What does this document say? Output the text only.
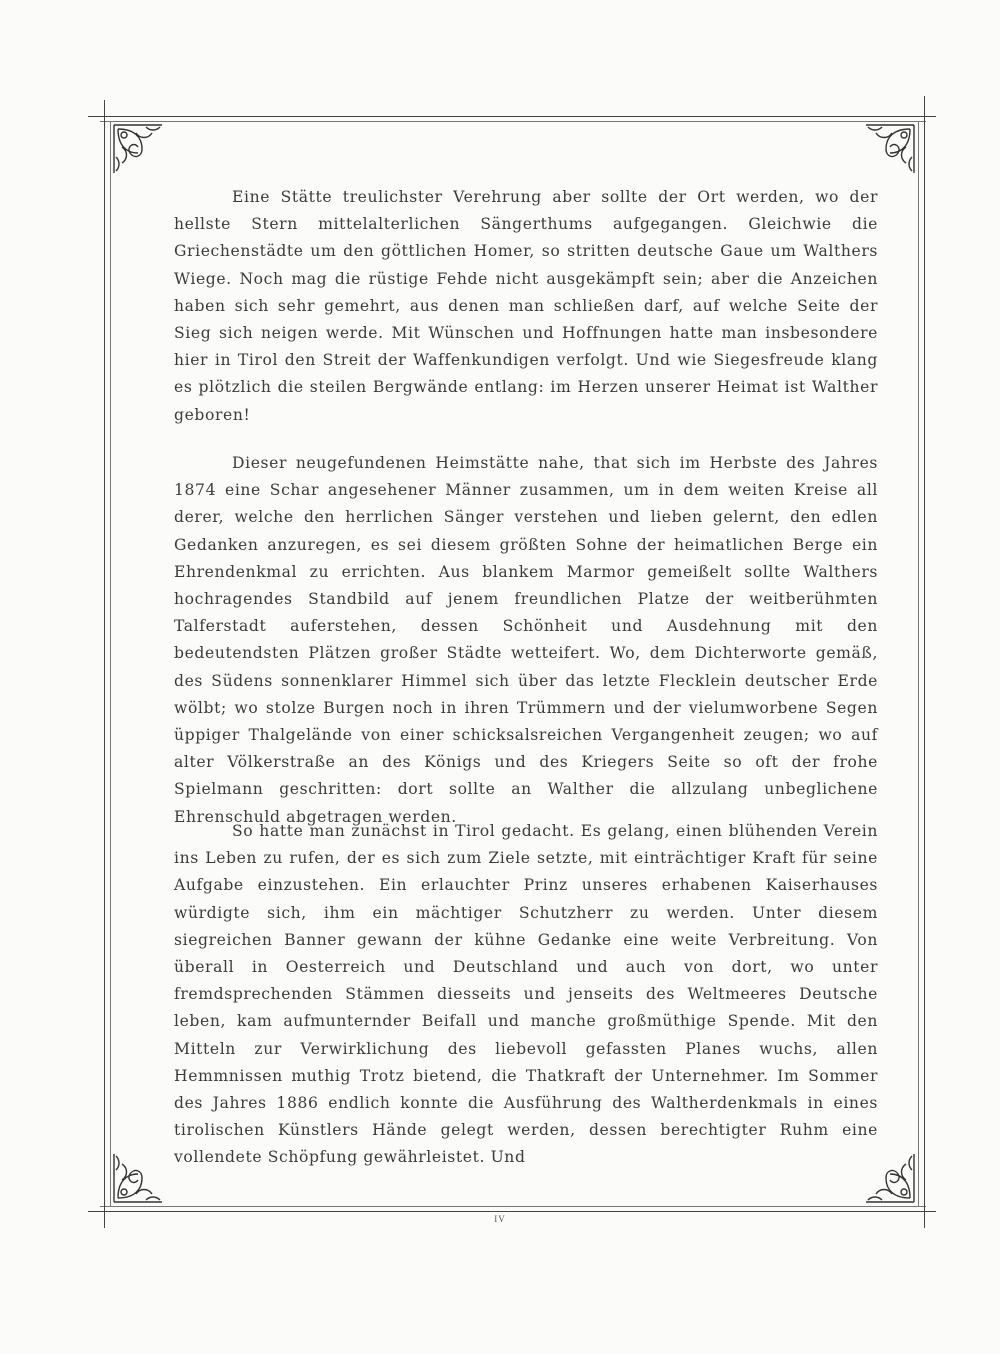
Eine Stätte treulichster Verehrung aber sollte der Ort werden, wo der hellste Stern mittelalterlichen Sängerthums aufgegangen. Gleichwie die Griechenstädte um den göttlichen Homer, so stritten deutsche Gaue um Walthers Wiege. Noch mag die rüstige Fehde nicht ausgekämpft sein; aber die Anzeichen haben sich sehr gemehrt, aus denen man schließen darf, auf welche Seite der Sieg sich neigen werde. Mit Wünschen und Hoffnungen hatte man insbesondere hier in Tirol den Streit der Waffenkundigen verfolgt. Und wie Siegesfreude klang es plötzlich die steilen Bergwände entlang: im Herzen unserer Heimat ist Walther geboren!

Dieser neugefundenen Heimstätte nahe, that sich im Herbste des Jahres 1874 eine Schar angesehener Männer zusammen, um in dem weiten Kreise all derer, welche den herrlichen Sänger verstehen und lieben gelernt, den edlen Gedanken anzuregen, es sei diesem größten Sohne der heimatlichen Berge ein Ehrendenkmal zu errichten. Aus blankem Marmor gemeißelt sollte Walthers hochragendes Standbild auf jenem freundlichen Platze der weitberühmten Talferstadt auferstehen, dessen Schönheit und Ausdehnung mit den bedeutendsten Plätzen großer Städte wetteifert. Wo, dem Dichterworte gemäß, des Südens sonnenklarer Himmel sich über das letzte Flecklein deutscher Erde wölbt; wo stolze Burgen noch in ihren Trümmern und der vielumworbene Segen üppiger Thalgelände von einer schicksalsreichen Vergangenheit zeugen; wo auf alter Völkerstraße an des Königs und des Kriegers Seite so oft der frohe Spielmann geschritten: dort sollte an Walther die allzulang unbeglichene Ehrenschuld abgetragen werden.

So hatte man zunächst in Tirol gedacht. Es gelang, einen blühenden Verein ins Leben zu rufen, der es sich zum Ziele setzte, mit einträchtiger Kraft für seine Aufgabe einzustehen. Ein erlauchter Prinz unseres erhabenen Kaiserhauses würdigte sich, ihm ein mächtiger Schutzherr zu werden. Unter diesem siegreichen Banner gewann der kühne Gedanke eine weite Verbreitung. Von überall in Oesterreich und Deutschland und auch von dort, wo unter fremdsprechenden Stämmen diesseits und jenseits des Weltmeeres Deutsche leben, kam aufmunternder Beifall und manche großmüthige Spende. Mit den Mitteln zur Verwirklichung des liebevoll gefassten Planes wuchs, allen Hemmnissen muthig Trotz bietend, die Thatkraft der Unternehmer. Im Sommer des Jahres 1886 endlich konnte die Ausführung des Waltherdenkmals in eines tirolischen Künstlers Hände gelegt werden, dessen berechtigter Ruhm eine vollendete Schöpfung gewährleistet. Und

IV
